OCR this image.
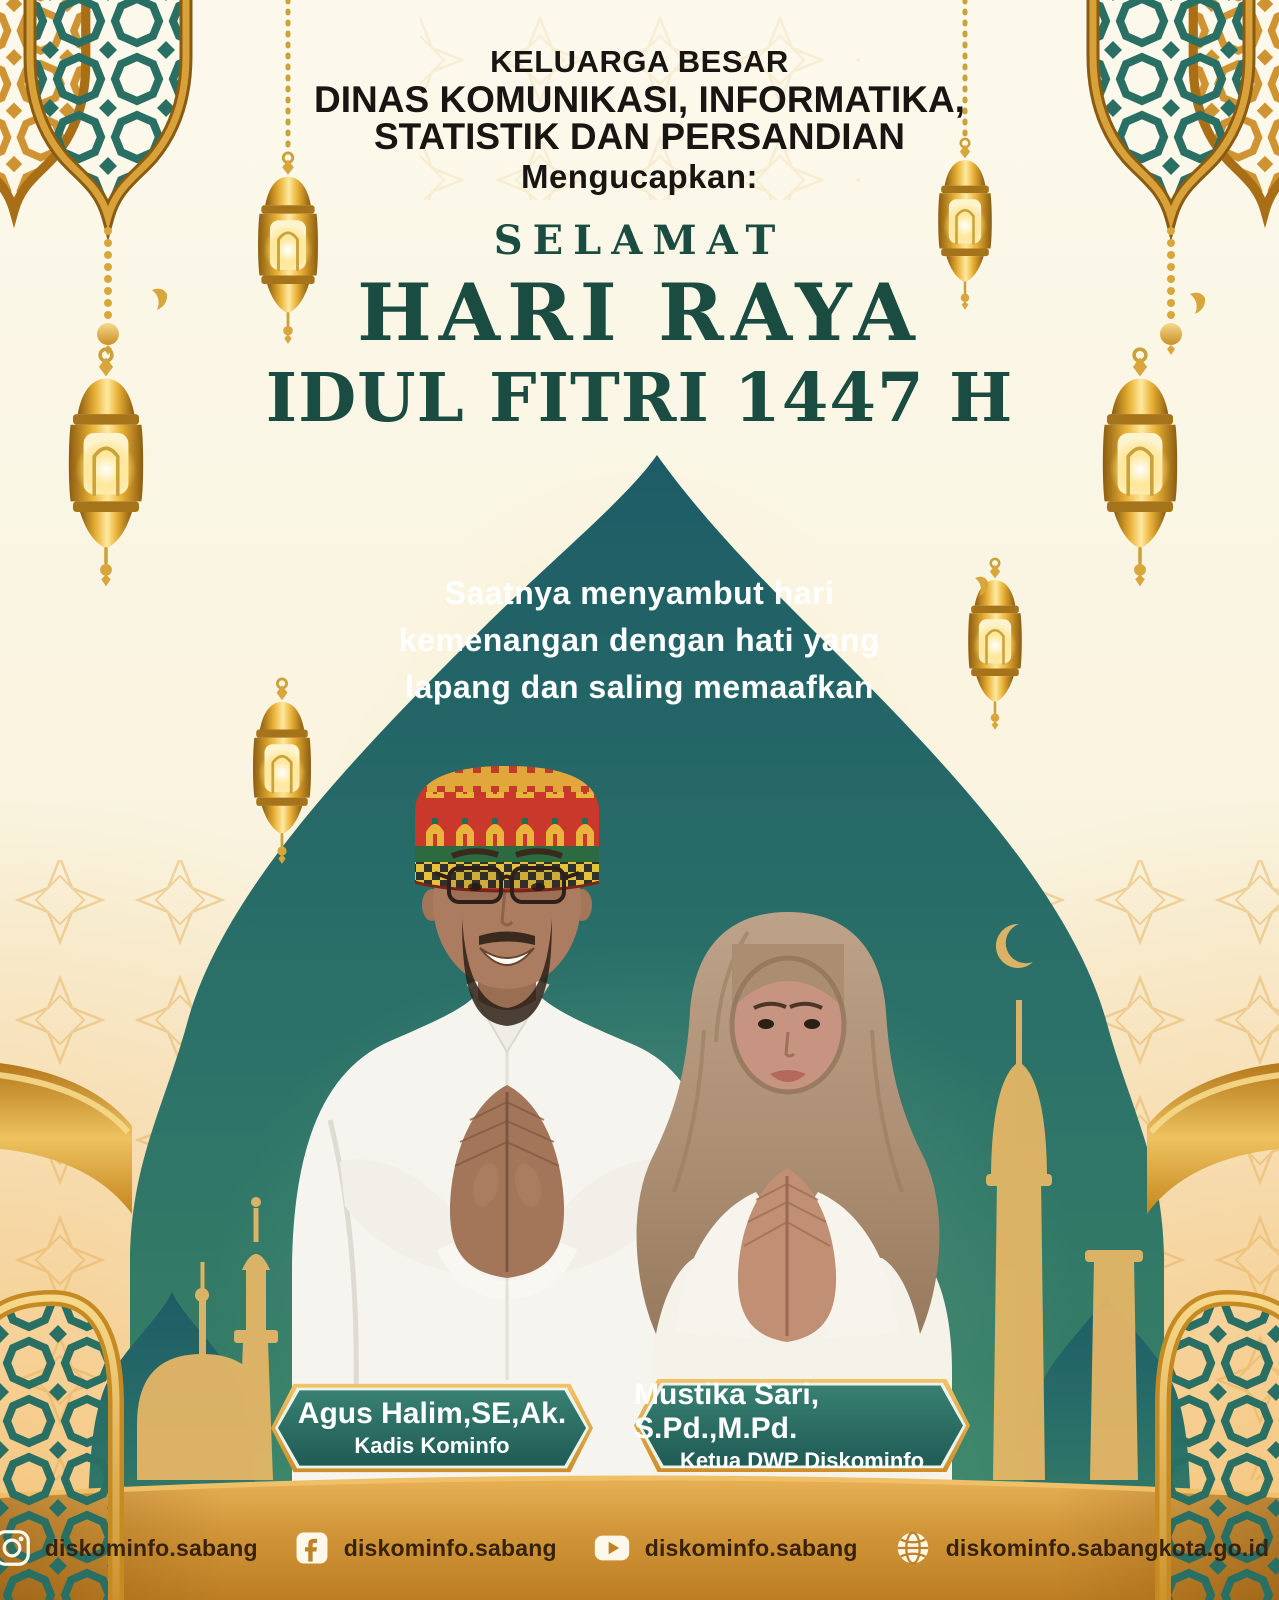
KELUARGA BESAR
DINAS KOMUNIKASI, INFORMATIKA,
STATISTIK DAN PERSANDIAN
Mengucapkan:
SELAMAT
HARI RAYA
IDUL FITRI 1447 H
Saatnya menyambut hari
kemenangan dengan hati yang
lapang dan saling memaafkan
Agus Halim,SE,Ak.
Kadis Kominfo
Mustika Sari, S.Pd.,M.Pd.
Ketua DWP Diskominfo
diskominfo.sabang	diskominfo.sabang	diskominfo.sabang	diskominfo.sabangkota.go.id
